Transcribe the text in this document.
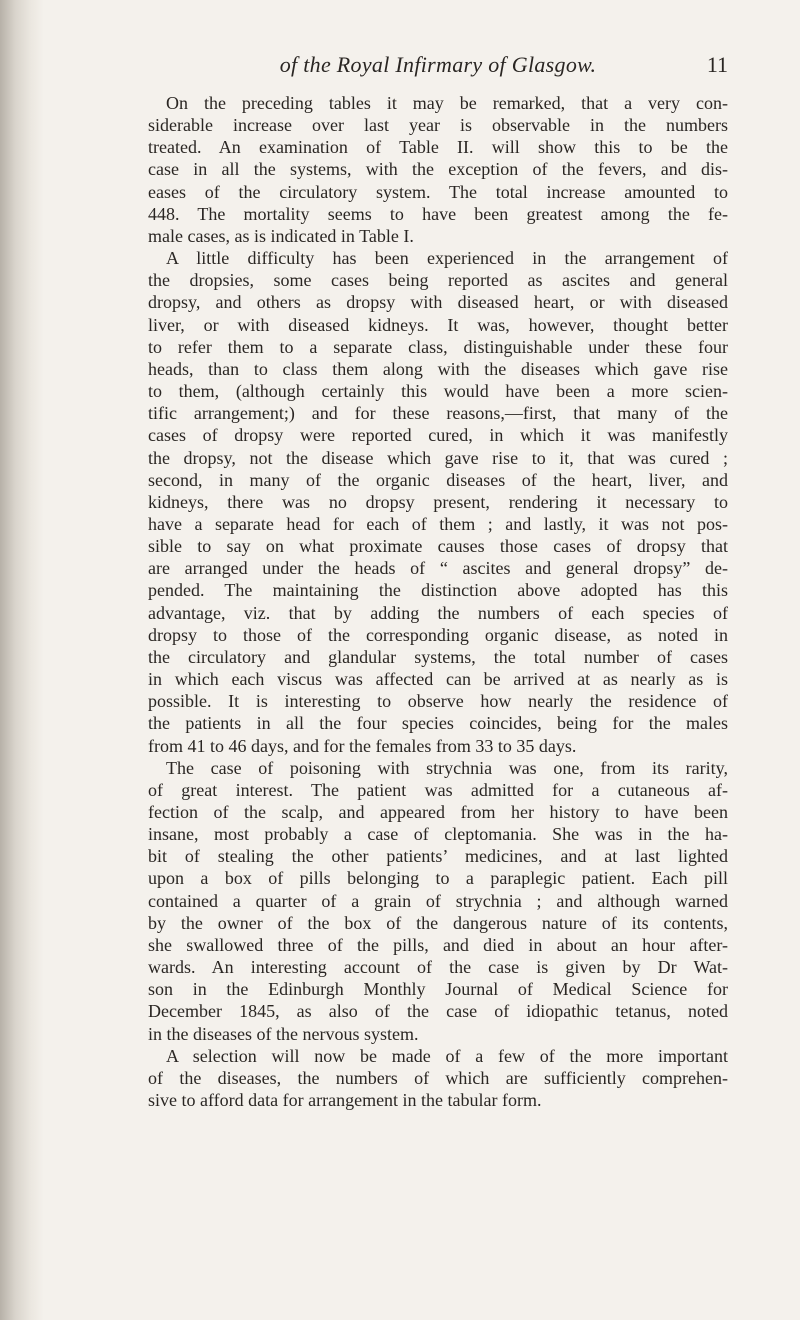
of the Royal Infirmary of Glasgow.	11

On the preceding tables it may be remarked, that a very con-

siderable increase over last year is observable in the numbers

treated. An examination of Table II. will show this to be the

case in all the systems, with the exception of the fevers, and dis-

eases of the circulatory system. The total increase amounted to

448. The mortality seems to have been greatest among the fe-

male cases, as is indicated in Table I.

A little difficulty has been experienced in the arrangement of

the dropsies, some cases being reported as ascites and general

dropsy, and others as dropsy with diseased heart, or with diseased

liver, or with diseased kidneys. It was, however, thought better

to refer them to a separate class, distinguishable under these four

heads, than to class them along with the diseases which gave rise

to them, (although certainly this would have been a more scien-

tific arrangement;) and for these reasons,—first, that many of the

cases of dropsy were reported cured, in which it was manifestly

the dropsy, not the disease which gave rise to it, that was cured ;

second, in many of the organic diseases of the heart, liver, and

kidneys, there was no dropsy present, rendering it necessary to

have a separate head for each of them ; and lastly, it was not pos-

sible to say on what proximate causes those cases of dropsy that

are arranged under the heads of “ ascites and general dropsy” de-

pended. The maintaining the distinction above adopted has this

advantage, viz. that by adding the numbers of each species of

dropsy to those of the corresponding organic disease, as noted in

the circulatory and glandular systems, the total number of cases

in which each viscus was affected can be arrived at as nearly as is

possible. It is interesting to observe how nearly the residence of

the patients in all the four species coincides, being for the males

from 41 to 46 days, and for the females from 33 to 35 days.

The case of poisoning with strychnia was one, from its rarity,

of great interest. The patient was admitted for a cutaneous af-

fection of the scalp, and appeared from her history to have been

insane, most probably a case of cleptomania. She was in the ha-

bit of stealing the other patients’ medicines, and at last lighted

upon a box of pills belonging to a paraplegic patient. Each pill

contained a quarter of a grain of strychnia ; and although warned

by the owner of the box of the dangerous nature of its contents,

she swallowed three of the pills, and died in about an hour after-

wards. An interesting account of the case is given by Dr Wat-

son in the Edinburgh Monthly Journal of Medical Science for

December 1845, as also of the case of idiopathic tetanus, noted

in the diseases of the nervous system.

A selection will now be made of a few of the more important

of the diseases, the numbers of which are sufficiently comprehen-

sive to afford data for arrangement in the tabular form.
